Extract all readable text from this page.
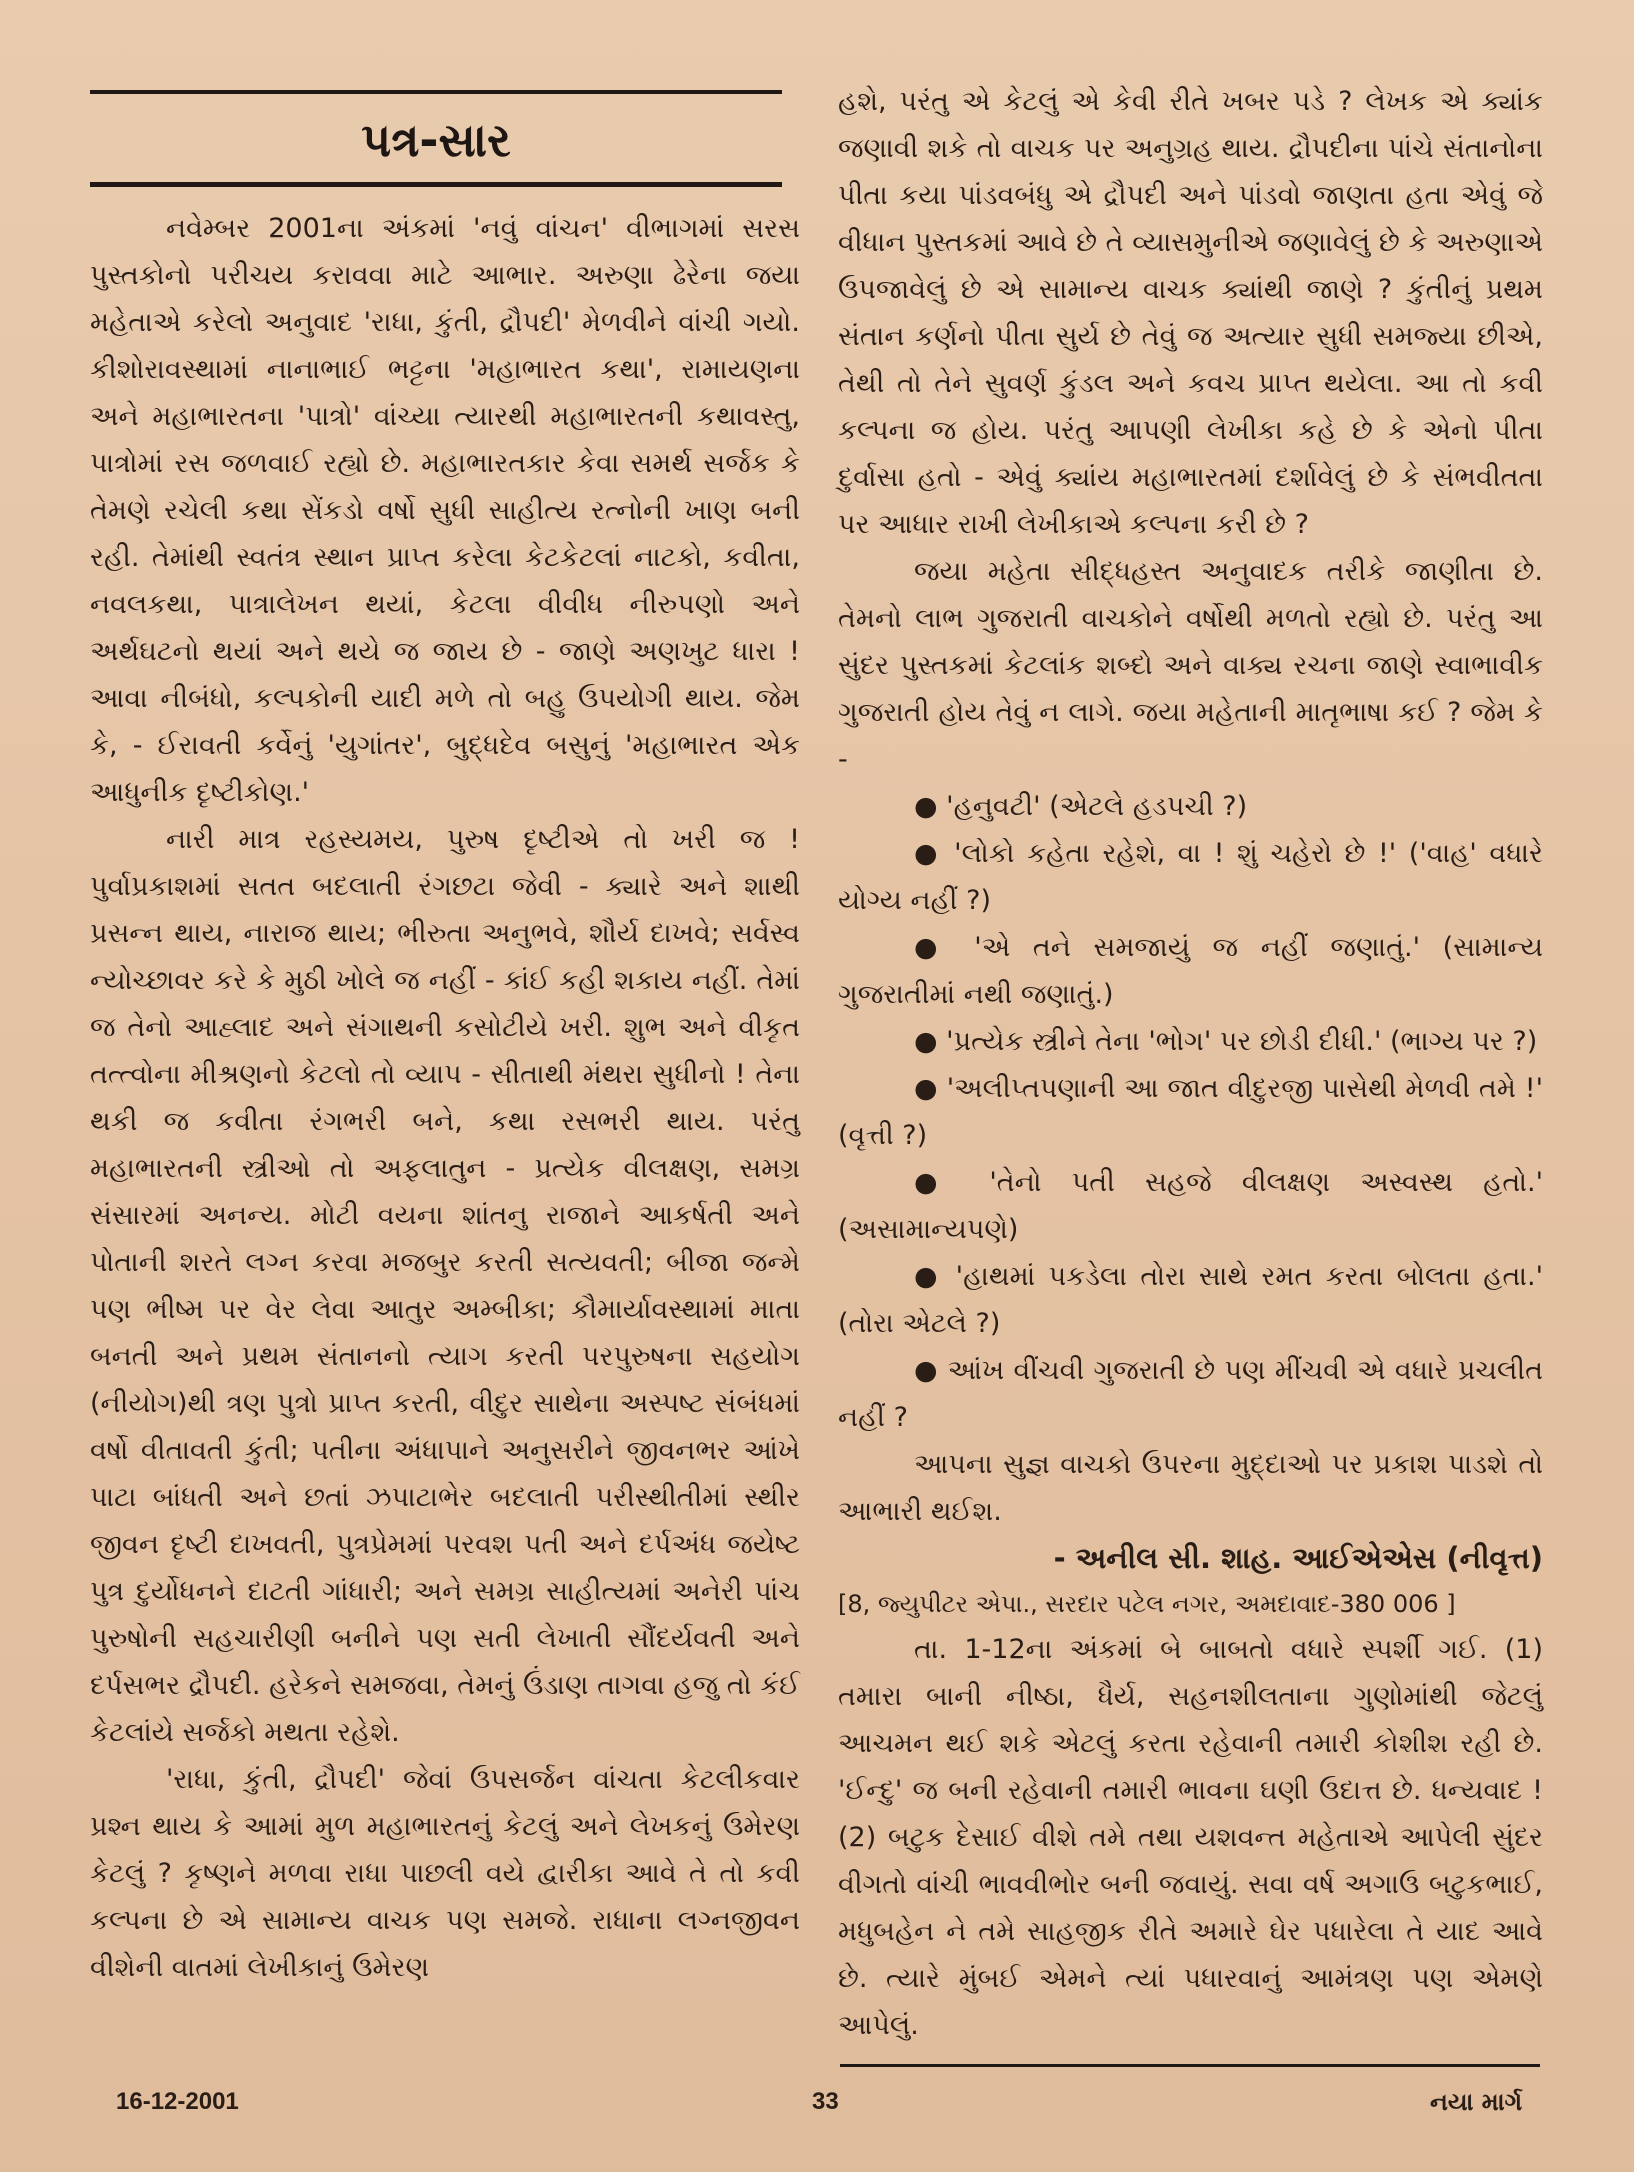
પત્ર-સાર

નવેમ્બર 2001ના અંકમાં 'નવું વાંચન' વીભાગમાં સરસ પુસ્તકોનો પરીચય કરાવવા માટે આભાર. અરુણા ઢેરેના જયા મહેતાએ કરેલો અનુવાદ 'રાધા, કુંતી, દ્રૌપદી' મેળવીને વાંચી ગયો. કીશોરાવસ્થામાં નાનાભાઈ ભટ્ટના 'મહાભારત કથા', રામાયણના અને મહાભારતના 'પાત્રો' વાંચ્યા ત્યારથી મહાભારતની કથાવસ્તુ, પાત્રોમાં રસ જળવાઈ રહ્યો છે. મહાભારતકાર કેવા સમર્થ સર્જક કે તેમણે રચેલી કથા સેંકડો વર્ષો સુધી સાહીત્ય રત્નોની ખાણ બની રહી. તેમાંથી સ્વતંત્ર સ્થાન પ્રાપ્ત કરેલા કેટકેટલાં નાટકો, કવીતા, નવલકથા, પાત્રાલેખન થયાં, કેટલા વીવીધ નીરુપણો અને અર્થઘટનો થયાં અને થયે જ જાય છે - જાણે અણખુટ ધારા ! આવા નીબંધો, કલ્પકોની યાદી મળે તો બહુ ઉપયોગી થાય. જેમ કે, - ઈરાવતી કર્વેનું 'યુગાંતર', બુદ્ધદેવ બસુનું 'મહાભારત એક આધુનીક દૃષ્ટીકોણ.'

નારી માત્ર રહસ્યમય, પુરુષ દૃષ્ટીએ તો ખરી જ ! પુર્વાપ્રકાશમાં સતત બદલાતી રંગછટા જેવી - ક્યારે અને શાથી પ્રસન્ન થાય, નારાજ થાય; ભીરુતા અનુભવે, શૌર્ય દાખવે; સર્વસ્વ ન્યોચ્છાવર કરે કે મુઠી ખોલે જ નહીં - કાંઈ કહી શકાય નહીં. તેમાં જ તેનો આહ્લાદ અને સંગાથની કસોટીયે ખરી. શુભ અને વીકૃત તત્ત્વોના મીશ્રણનો કેટલો તો વ્યાપ - સીતાથી મંથરા સુધીનો ! તેના થકી જ કવીતા રંગભરી બને, કથા રસભરી થાય. પરંતુ મહાભારતની સ્ત્રીઓ તો અફલાતુન - પ્રત્યેક વીલક્ષણ, સમગ્ર સંસારમાં અનન્ય. મોટી વયના શાંતનુ રાજાને આકર્ષતી અને પોતાની શરતે લગ્ન કરવા મજબુર કરતી સત્યવતી; બીજા જન્મે પણ ભીષ્મ પર વેર લેવા આતુર અમ્બીકા; કૌમાર્યાવસ્થામાં માતા બનતી અને પ્રથમ સંતાનનો ત્યાગ કરતી પરપુરુષના સહયોગ (નીયોગ)થી ત્રણ પુત્રો પ્રાપ્ત કરતી, વીદુર સાથેના અસ્પષ્ટ સંબંધમાં વર્ષો વીતાવતી કુંતી; પતીના અંધાપાને અનુસરીને જીવનભર આંખે પાટા બાંધતી અને છતાં ઝપાટાભેર બદલાતી પરીસ્થીતીમાં સ્થીર જીવન દૃષ્ટી દાખવતી, પુત્રપ્રેમમાં પરવશ પતી અને દર્પઅંધ જયેષ્ટ પુત્ર દુર્યોધનને દાટતી ગાંધારી; અને સમગ્ર સાહીત્યમાં અનેરી પાંચ પુરુષોની સહચારીણી બનીને પણ સતી લેખાતી સૌંદર્યવતી અને દર્પસભર દ્રૌપદી. હરેકને સમજવા, તેમનું ઉંડાણ તાગવા હજુ તો કંઈ કેટલાંયે સર્જકો મથતા રહેશે.

'રાધા, કુંતી, દ્રૌપદી' જેવાં ઉપસર્જન વાંચતા કેટલીકવાર પ્રશ્ન થાય કે આમાં મુળ મહાભારતનું કેટલું અને લેખકનું ઉમેરણ કેટલું ? કૃષ્ણને મળવા રાધા પાછલી વયે દ્વારીકા આવે તે તો કવી કલ્પના છે એ સામાન્ય વાચક પણ સમજે. રાધાના લગ્નજીવન વીશેની વાતમાં લેખીકાનું ઉમેરણ

હશે, પરંતુ એ કેટલું એ કેવી રીતે ખબર પડે ? લેખક એ ક્યાંક જણાવી શકે તો વાચક પર અનુગ્રહ થાય. દ્રૌપદીના પાંચે સંતાનોના પીતા કયા પાંડવબંધુ એ દ્રૌપદી અને પાંડવો જાણતા હતા એવું જે વીધાન પુસ્તકમાં આવે છે તે વ્યાસમુનીએ જણાવેલું છે કે અરુણાએ ઉપજાવેલું છે એ સામાન્ય વાચક ક્યાંથી જાણે ? કુંતીનું પ્રથમ સંતાન કર્ણનો પીતા સુર્ય છે તેવું જ અત્યાર સુધી સમજ્યા છીએ, તેથી તો તેને સુવર્ણ કુંડલ અને કવચ પ્રાપ્ત થયેલા. આ તો કવી કલ્પના જ હોય. પરંતુ આપણી લેખીકા કહે છે કે એનો પીતા દુર્વાસા હતો - એવું ક્યાંય મહાભારતમાં દર્શાવેલું છે કે સંભવીતતા પર આધાર રાખી લેખીકાએ કલ્પના કરી છે ?

જયા મહેતા સીદ્ધહસ્ત અનુવાદક તરીકે જાણીતા છે. તેમનો લાભ ગુજરાતી વાચકોને વર્ષોથી મળતો રહ્યો છે. પરંતુ આ સુંદર પુસ્તકમાં કેટલાંક શબ્દો અને વાક્ય રચના જાણે સ્વાભાવીક ગુજરાતી હોય તેવું ન લાગે. જયા મહેતાની માતૃભાષા કઈ ? જેમ કે -

● 'હનુવટી' (એટલે હડપચી ?)

● 'લોકો કહેતા રહેશે, વા ! શું ચહેરો છે !' ('વાહ' વધારે યોગ્ય નહીં ?)

● 'એ તને સમજાયું જ નહીં જણાતું.' (સામાન્ય ગુજરાતીમાં નથી જણાતું.)

● 'પ્રત્યેક સ્ત્રીને તેના 'ભોગ' પર છોડી દીધી.' (ભાગ્ય પર ?)

● 'અલીપ્તપણાની આ જાત વીદુરજી પાસેથી મેળવી તમે !' (વૃત્તી ?)

● 'તેનો પતી સહજે વીલક્ષણ અસ્વસ્થ હતો.' (અસામાન્યપણે)

● 'હાથમાં પકડેલા તોરા સાથે રમત કરતા બોલતા હતા.' (તોરા એટલે ?)

● આંખ વીંચવી ગુજરાતી છે પણ મીંચવી એ વધારે પ્રચલીત નહીં ?

આપના સુજ્ઞ વાચકો ઉપરના મુદ્દાઓ પર પ્રકાશ પાડશે તો આભારી થઈશ.

- અનીલ સી. શાહ. આઈએએસ (નીવૃત્ત)

[8, જ્યુપીટર એપા., સરદાર પટેલ નગર, અમદાવાદ-380 006 ]

તા. 1-12ના અંકમાં બે બાબતો વધારે સ્પર્શી ગઈ. (1) તમારા બાની નીષ્ઠા, ધૈર્ય, સહનશીલતાના ગુણોમાંથી જેટલું આચમન થઈ શકે એટલું કરતા રહેવાની તમારી કોશીશ રહી છે. 'ઈન્દુ' જ બની રહેવાની તમારી ભાવના ઘણી ઉદાત્ત છે. ધન્યવાદ ! (2) બટુક દેસાઈ વીશે તમે તથા યશવન્ત મહેતાએ આપેલી સુંદર વીગતો વાંચી ભાવવીભોર બની જવાયું. સવા વર્ષ અગાઉ બટુકભાઈ, મધુબહેન ને તમે સાહજીક રીતે અમારે ઘેર પધારેલા તે યાદ આવે છે. ત્યારે મુંબઈ એમને ત્યાં પધારવાનું આમંત્રણ પણ એમણે આપેલું.

16-12-2001	33	નયા માર્ગ
